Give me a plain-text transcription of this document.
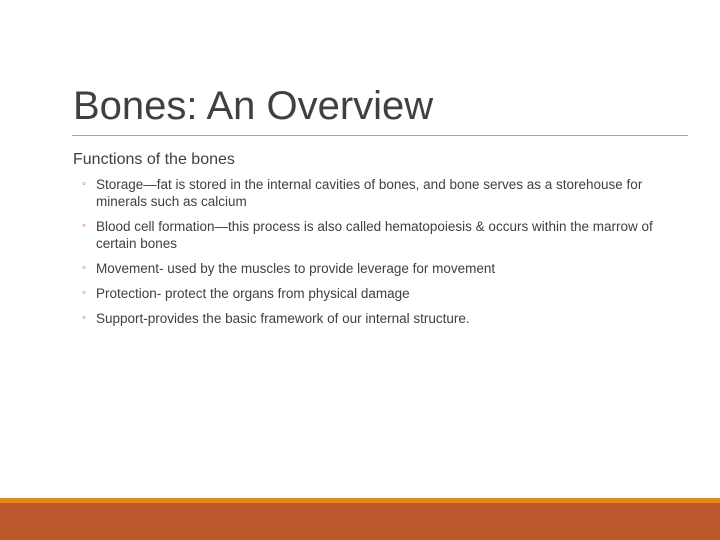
Bones: An Overview

Functions of the bones

◦ Storage—fat is stored in the internal cavities of bones, and bone serves as a storehouse for minerals such as calcium
◦ Blood cell formation—this process is also called hematopoiesis & occurs within the marrow of certain bones
◦ Movement- used by the muscles to provide leverage for movement
◦ Protection- protect the organs from physical damage
◦ Support-provides the basic framework of our internal structure.
